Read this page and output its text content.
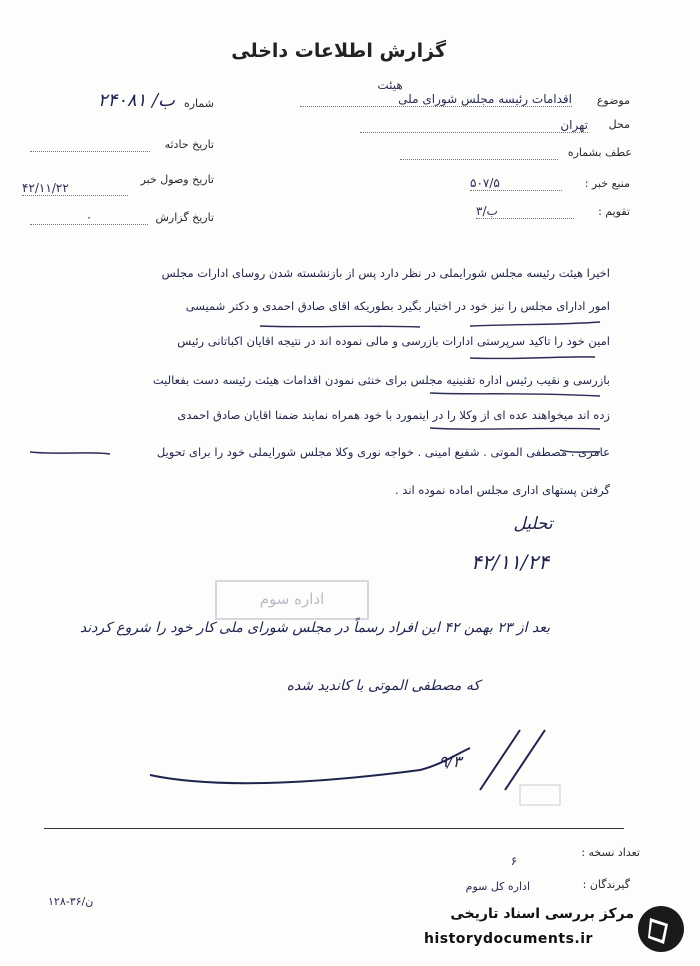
گزارش اطلاعات داخلی
موضوع
هیئت
اقدامات رئیسه مجلس شورای ملی
محل
تهران
عطف بشماره
منبع خبر :
۵۰۷/۵
تقویم :
۳/ب
شماره
۲۴۰۸۱ /ب
تاریخ حادثه
تاریخ وصول خبر
۴۲/۱۱/۲۲
تاریخ گزارش
۰
اخیرا هیئت رئیسه مجلس شورایملی در نظر دارد پس از بازنشسته شدن روسای ادارات مجلس
امور ادارای مجلس را نیز خود در اختیار بگیرد بطوریکه اقای صادق احمدی و دکتر شمیسی
امین خود را تاکید سرپرستی ادارات بازرسی و مالی نموده اند در نتیجه اقایان اکباتانی رئیس
بازرسی و نقیب رئیس اداره تقنینیه مجلس برای خنثی نمودن اقدامات هیئت رئیسه دست بفعالیت
زده اند میخواهند عده ای از وکلا را در اینمورد با خود همراه نمایند ضمنا اقایان صادق احمدی
عامری . مصطفی الموتی . شفیع امینی . خواجه نوری وکلا مجلس شورایملی خود را برای تحویل
گرفتن پستهای اداری مجلس اماده نموده اند .
تحلیل
۴۲/۱۱/۲۴
اداره سوم
بعد از ۲۳ بهمن ۴۲ این افراد رسماً در مجلس شورای ملی کار خود را شروع کردند
که مصطفی الموتی با کاندید شده
۹/۳
تعداد نسخه :
۶
گیرندگان :
اداره کل سوم
۱۲۸-۳۶/ن
مرکز بررسی اسناد تاریخی
historydocuments.ir
